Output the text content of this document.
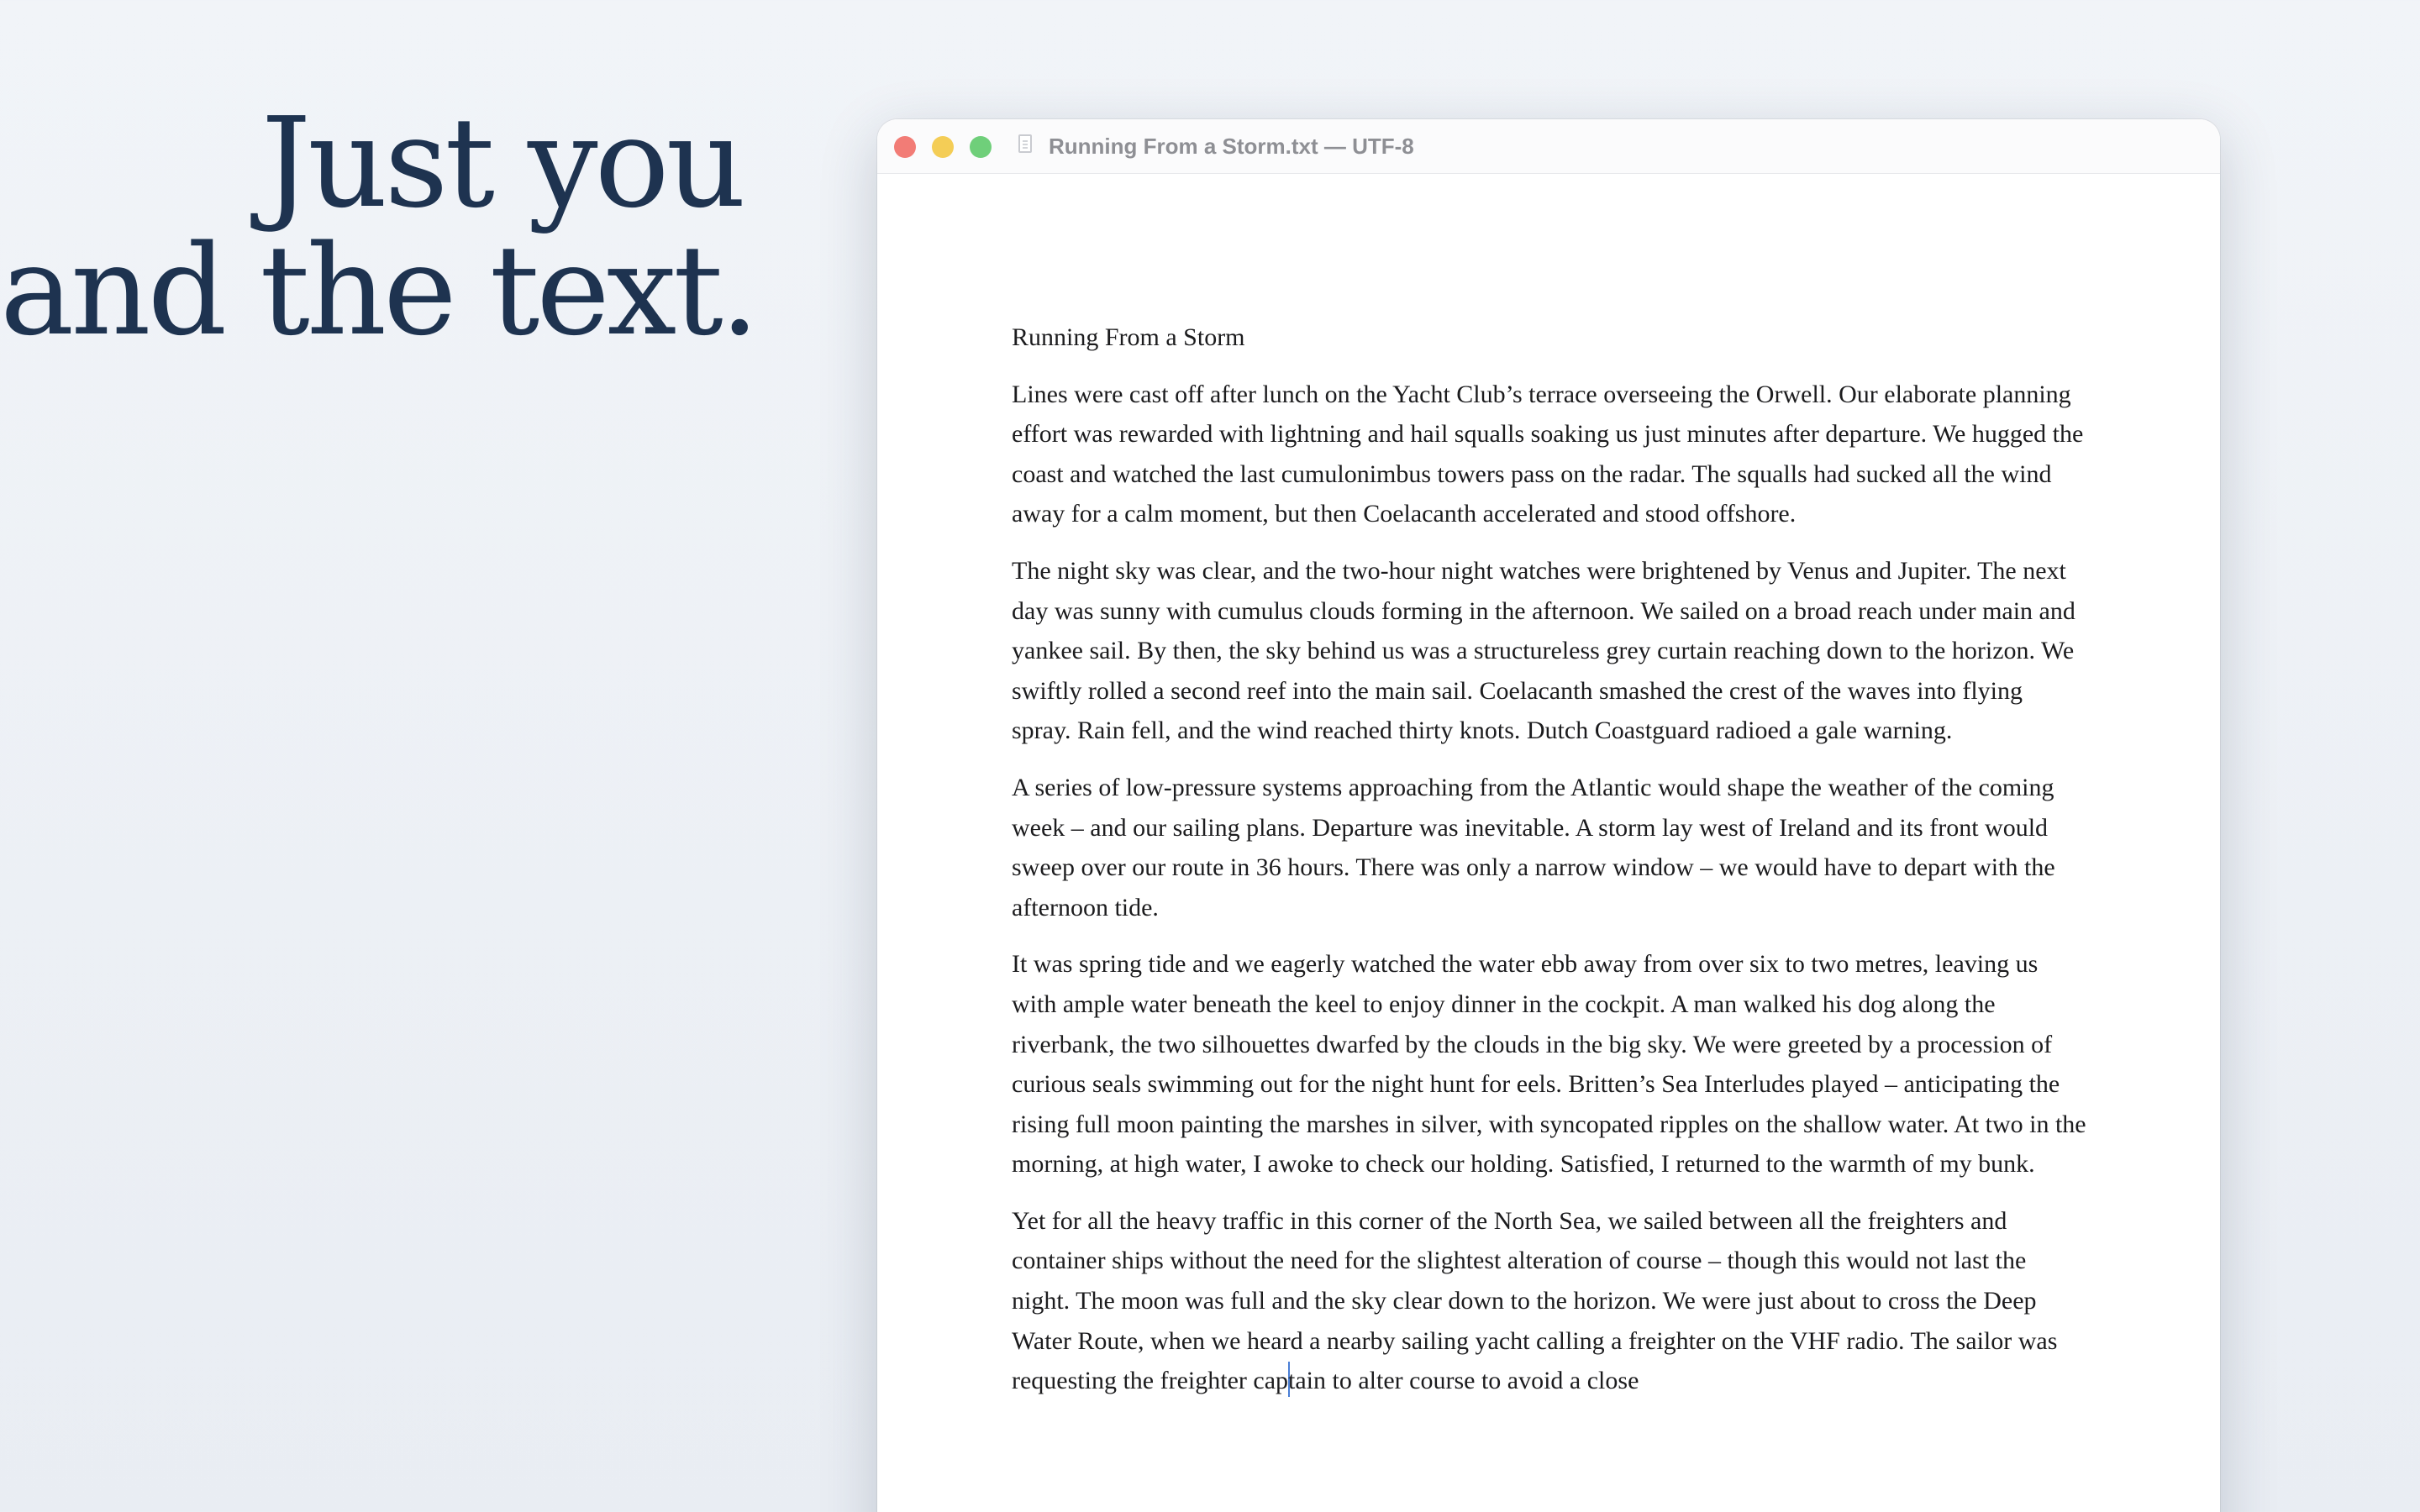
Just you
and the text.
Running From a Storm.txt — UTF-8

Running From a Storm

Lines were cast off after lunch on the Yacht Club’s terrace overseeing the Orwell. Our elaborate planning effort was rewarded with lightning and hail squalls soaking us just minutes after departure. We hugged the coast and watched the last cumulonimbus towers pass on the radar. The squalls had sucked all the wind away for a calm moment, but then Coelacanth accelerated and stood offshore.

The night sky was clear, and the two-hour night watches were brightened by Venus and Jupiter. The next day was sunny with cumulus clouds forming in the afternoon. We sailed on a broad reach under main and yankee sail. By then, the sky behind us was a structureless grey curtain reaching down to the horizon. We swiftly rolled a second reef into the main sail. Coelacanth smashed the crest of the waves into flying spray. Rain fell, and the wind reached thirty knots. Dutch Coastguard radioed a gale warning.

A series of low-pressure systems approaching from the Atlantic would shape the weather of the coming week – and our sailing plans. Departure was inevitable. A storm lay west of Ireland and its front would sweep over our route in 36 hours. There was only a narrow window – we would have to depart with the afternoon tide.

It was spring tide and we eagerly watched the water ebb away from over six to two metres, leaving us with ample water beneath the keel to enjoy dinner in the cockpit. A man walked his dog along the riverbank, the two silhouettes dwarfed by the clouds in the big sky. We were greeted by a procession of curious seals swimming out for the night hunt for eels. Britten’s Sea Interludes played – anticipating the rising full moon painting the marshes in silver, with syncopated ripples on the shallow water. At two in the morning, at high water, I awoke to check our holding. Satisfied, I returned to the warmth of my bunk.

Yet for all the heavy traffic in this corner of the North Sea, we sailed between all the freighters and container ships without the need for the slightest alteration of course – though this would not last the night. The moon was full and the sky clear down to the horizon. We were just about to cross the Deep Water Route, when we heard a nearby sailing yacht calling a freighter on the VHF radio. The sailor was requesting the freighter captain to alter course to avoid a close
